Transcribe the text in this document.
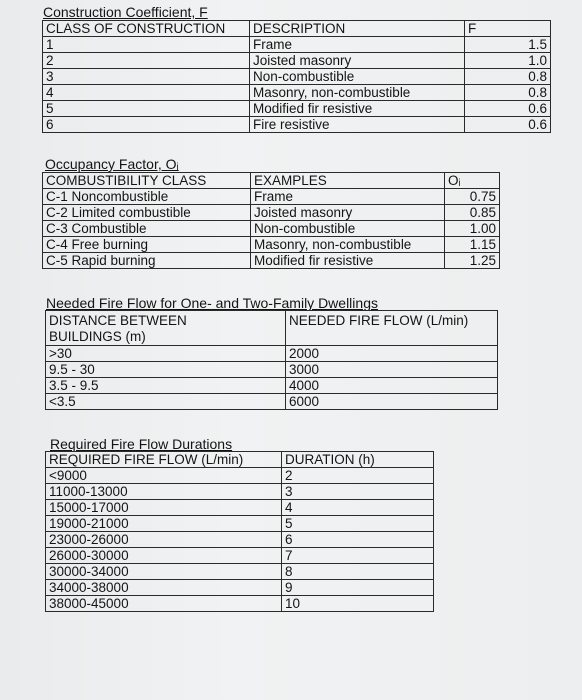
Construction Coefficient, F
CLASS OF CONSTRUCTION	DESCRIPTION	F
1	Frame	1.5
2	Joisted masonry	1.0
3	Non-combustible	0.8
4	Masonry, non-combustible	0.8
5	Modified fir resistive	0.6
6	Fire resistive	0.6
Occupancy Factor, Oᵢ
COMBUSTIBILITY CLASS	EXAMPLES	Oᵢ
C-1 Noncombustible	Frame	0.75
C-2 Limited combustible	Joisted masonry	0.85
C-3 Combustible	Non-combustible	1.00
C-4 Free burning	Masonry, non-combustible	1.15
C-5 Rapid burning	Modified fir resistive	1.25
Needed Fire Flow for One- and Two-Family Dwellings
DISTANCE BETWEEN
BUILDINGS (m)	NEEDED FIRE FLOW (L/min)
>30	2000
9.5 - 30	3000
3.5 - 9.5	4000
<3.5	6000
Required Fire Flow Durations
REQUIRED FIRE FLOW (L/min)	DURATION (h)
<9000	2
11000-13000	3
15000-17000	4
19000-21000	5
23000-26000	6
26000-30000	7
30000-34000	8
34000-38000	9
38000-45000	10
